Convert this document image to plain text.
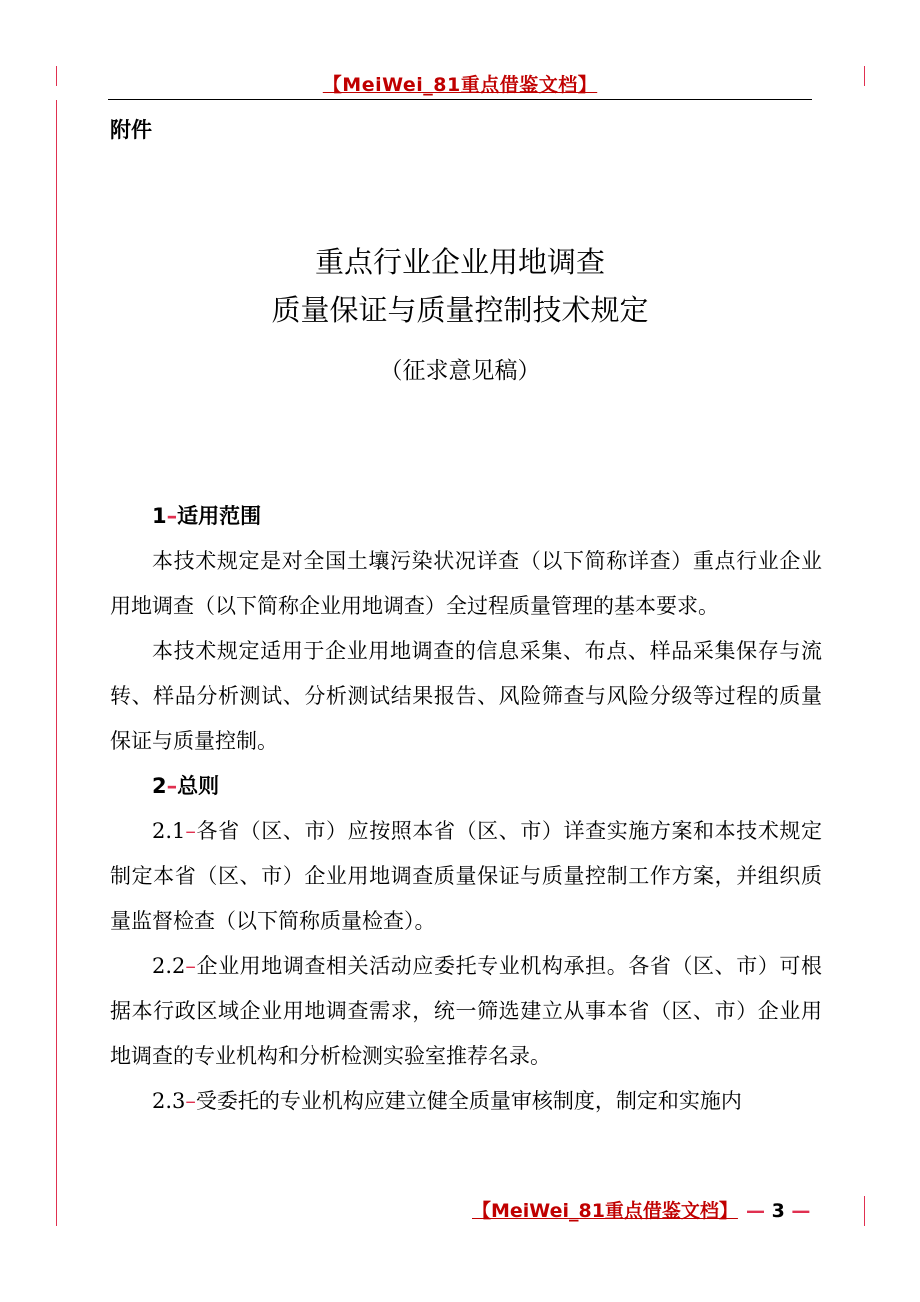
【MeiWei_81重点借鉴文档】
附件
重点行业企业用地调查
质量保证与质量控制技术规定
（征求意见稿）

1–适用范围

本技术规定是对全国土壤污染状况详查（以下简称详查）重点行业企业用地调查（以下简称企业用地调查）全过程质量管理的基本要求。

本技术规定适用于企业用地调查的信息采集、布点、样品采集保存与流转、样品分析测试、分析测试结果报告、风险筛查与风险分级等过程的质量保证与质量控制。

2–总则

2.1–各省（区、市）应按照本省（区、市）详查实施方案和本技术规定制定本省（区、市）企业用地调查质量保证与质量控制工作方案，并组织质量监督检查（以下简称质量检查）。

2.2–企业用地调查相关活动应委托专业机构承担。各省（区、市）可根据本行政区域企业用地调查需求，统一筛选建立从事本省（区、市）企业用地调查的专业机构和分析检测实验室推荐名录。

2.3–受委托的专业机构应建立健全质量审核制度，制定和实施内

【MeiWei_81重点借鉴文档】 — 3 —
